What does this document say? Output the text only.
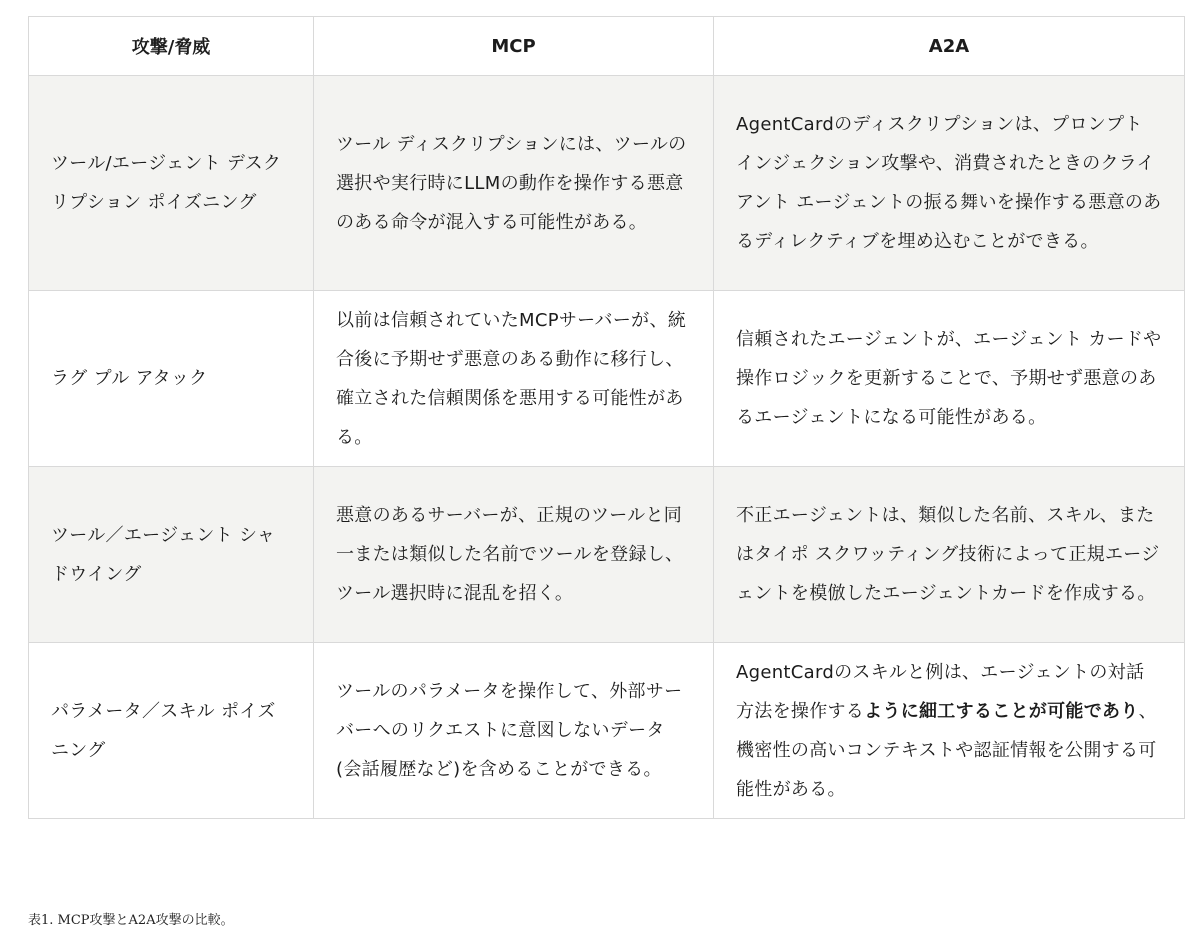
攻撃/脅威	MCP	A2A
ツール/エージェント デスクリプション ポイズニング	ツール ディスクリプションには、ツールの選択や実行時にLLMの動作を操作する悪意のある命令が混入する可能性がある。	AgentCardのディスクリプションは、プロンプト インジェクション攻撃や、消費されたときのクライアント エージェントの振る舞いを操作する悪意のあるディレクティブを埋め込むことができる。
ラグ プル アタック	以前は信頼されていたMCPサーバーが、統合後に予期せず悪意のある動作に移行し、確立された信頼関係を悪用する可能性がある。	信頼されたエージェントが、エージェント カードや操作ロジックを更新することで、予期せず悪意のあるエージェントになる可能性がある。
ツール／エージェント シャドウイング	悪意のあるサーバーが、正規のツールと同一または類似した名前でツールを登録し、ツール選択時に混乱を招く。	不正エージェントは、類似した名前、スキル、またはタイポ スクワッティング技術によって正規エージェントを模倣したエージェントカードを作成する。
パラメータ／スキル ポイズニング	ツールのパラメータを操作して、外部サーバーへのリクエストに意図しないデータ(会話履歴など)を含めることができる。	AgentCardのスキルと例は、エージェントの対話方法を操作するように細工することが可能であり、機密性の高いコンテキストや認証情報を公開する可能性がある。
表1. MCP攻撃とA2A攻撃の比較。
